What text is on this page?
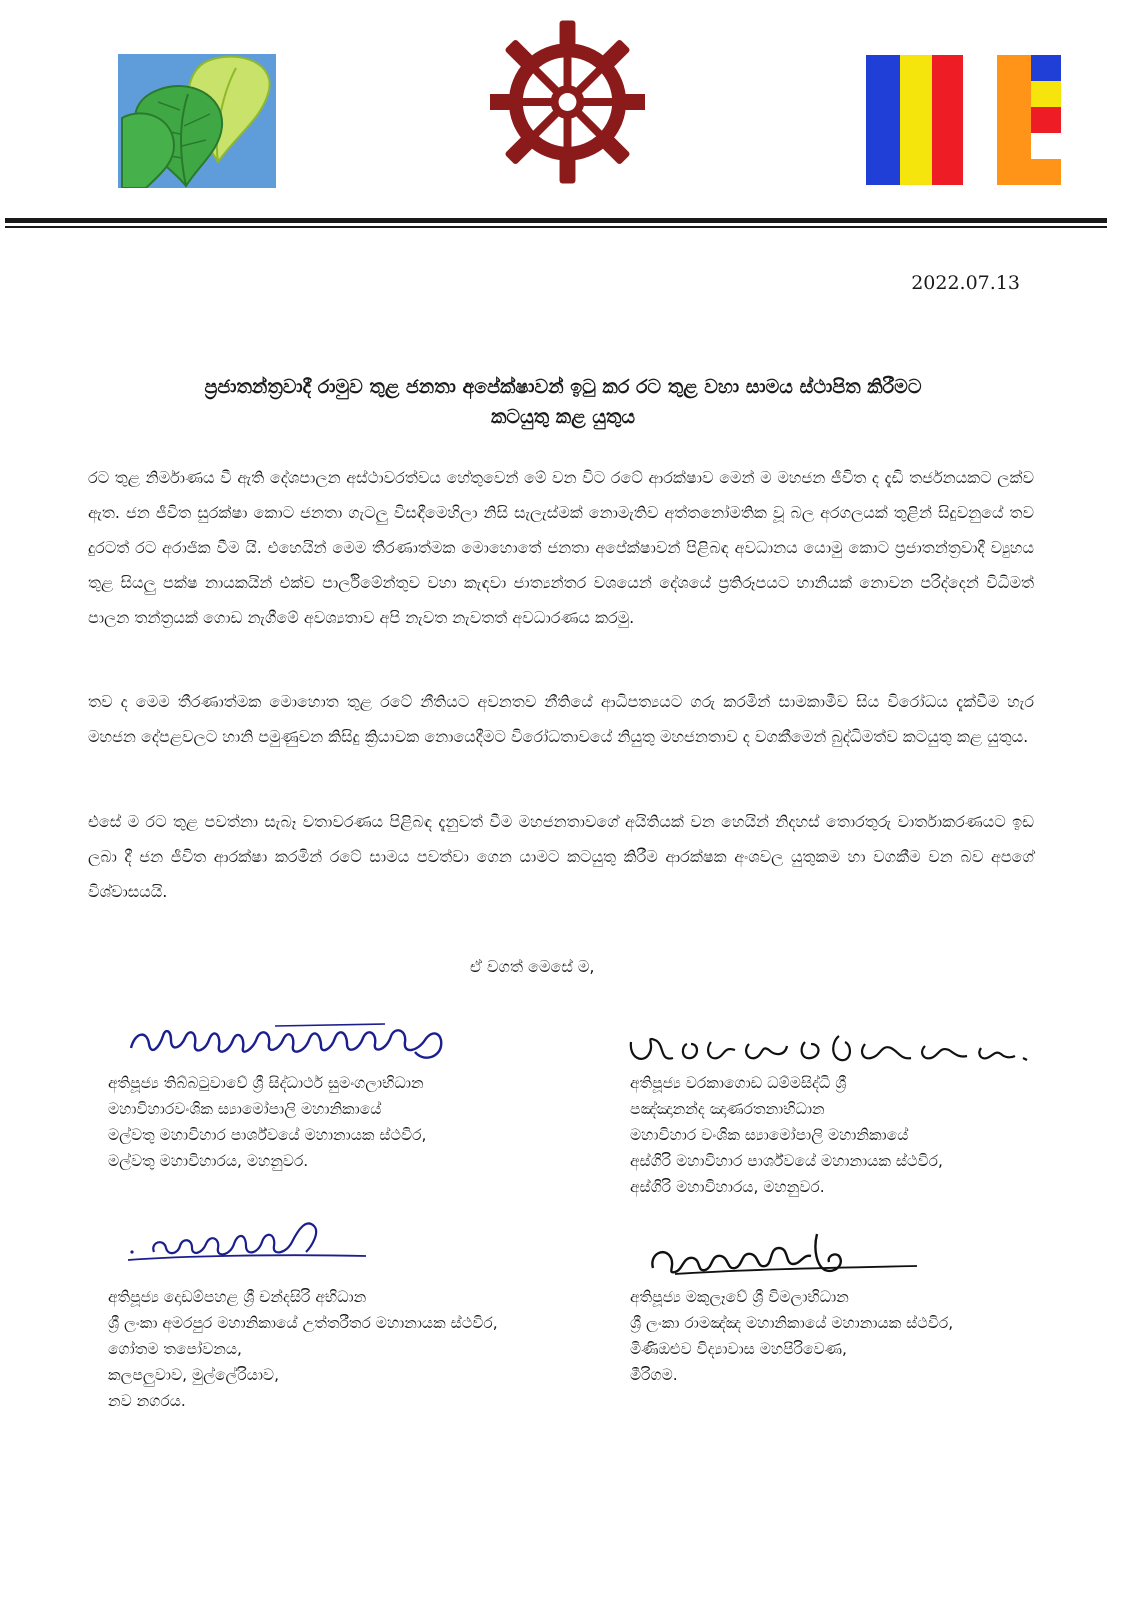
2022.07.13
ප්‍රජාතන්ත්‍රවාදී රාමුව තුළ ජනතා අපේක්ෂාවන් ඉටු කර රට තුළ වහා සාමය ස්ථාපිත කිරීමට
කටයුතු කළ යුතුය
රට තුළ නිර්මාණය වී ඇති දේශපාලන අස්ථාවරත්වය හේතුවෙන් මේ වන විට රටේ ආරක්ෂාව මෙන් ම මහජන ජීවිත ද දැඩි තර්ජනයකට ලක්ව ඇත. ජන ජීවිත සුරක්ෂා කොට ජනතා ගැටලු විසඳීමෙහිලා නිසි සැලැස්මක් නොමැතිව අත්තනෝමතික වූ බල අරගලයක් තුළින් සිදුවනුයේ තව දුරටත් රට අරාජික වීම යි. එහෙයින් මෙම තීරණාත්මක මොහොතේ ජනතා අපේක්ෂාවන් පිළිබඳ අවධානය යොමු කොට ප්‍රජාතන්ත්‍රවාදී ව්‍යුහය තුළ සියලු පක්ෂ නායකයින් එක්ව පාර්ලිමේන්තුව වහා කැඳවා ජාත්‍යන්තර වශයෙන් දේශයේ ප්‍රතිරූපයට හානියක් නොවන පරිද්දෙන් විධිමත් පාලන තන්ත්‍රයක් ගොඩ නැගීමේ අවශ්‍යතාව අපි නැවත නැවතත් අවධාරණය කරමු.
තව ද මෙම තීරණාත්මක මොහොත තුළ රටේ නීතියට අවනතව නීතියේ ආධිපත්‍යයට ගරු කරමින් සාමකාමීව සිය විරෝධය දැක්වීම හැර මහජන දේපළවලට හානි පමුණුවන කිසිදු ක්‍රියාවක නොයෙදීමට විරෝධතාවයේ නියුතු මහජනතාව ද වගකීමෙන් බුද්ධිමත්ව කටයුතු කළ යුතුය.
එසේ ම රට තුළ පවත්නා සැබෑ වතාවරණය පිළිබඳ දැනුවත් වීම මහජනතාවගේ අයිතියක් වන හෙයින් නිදහස් තොරතුරු වාර්තාකරණයට ඉඩ ලබා දී ජන ජීවිත ආරක්ෂා කරමින් රටේ සාමය පවත්වා ගෙන යාමට කටයුතු කිරීම ආරක්ෂක අංශවල යුතුකම හා වගකීම වන බව අපගේ විශ්වාසයයි.
ඒ වගත් මෙසේ ම,
අතිපූජ්‍ය තිබ්බටුවාවේ ශ්‍රී සිද්ධාර්ථ සුමංගලාභිධාන
මහාවිහාරවංශික ස්‍යාමෝපාලි මහානිකායේ
මල්වතු මහාවිහාර පාර්ශ්වයේ මහානායක ස්ථවිර,
මල්වතු මහාවිහාරය, මහනුවර.
අතිපූජ්‍ය වරකාගොඩ ධම්මසිද්ධි ශ්‍රී
පඤ්ඤානන්ද ඤාණරතනාභිධාන
මහාවිහාර වංශික ස්‍යාමෝපාලි මහානිකායේ
අස්ගිරි මහාවිහාර පාර්ශ්වයේ මහානායක ස්ථවිර,
අස්ගිරි මහාවිහාරය, මහනුවර.
අතිපූජ්‍ය දොඩම්පහළ ශ්‍රී චන්දසිරි අභිධාන
ශ්‍රී ලංකා අමරපුර මහානිකායේ උත්තරීතර මහානායක ස්ථවිර,
ගෝතම තපෝවනය,
කලපලුවාව, මුල්ලේරියාව,
නව නගරය.
අතිපූජ්‍ය මකුලෑවේ ශ්‍රී විමලාභිධාන
ශ්‍රී ලංකා රාමඤ්ඤ මහානිකායේ මහානායක ස්ථවිර,
මිණිඔළුව විද්‍යාවාස මහපිරිවෙණ,
මීරිගම.
